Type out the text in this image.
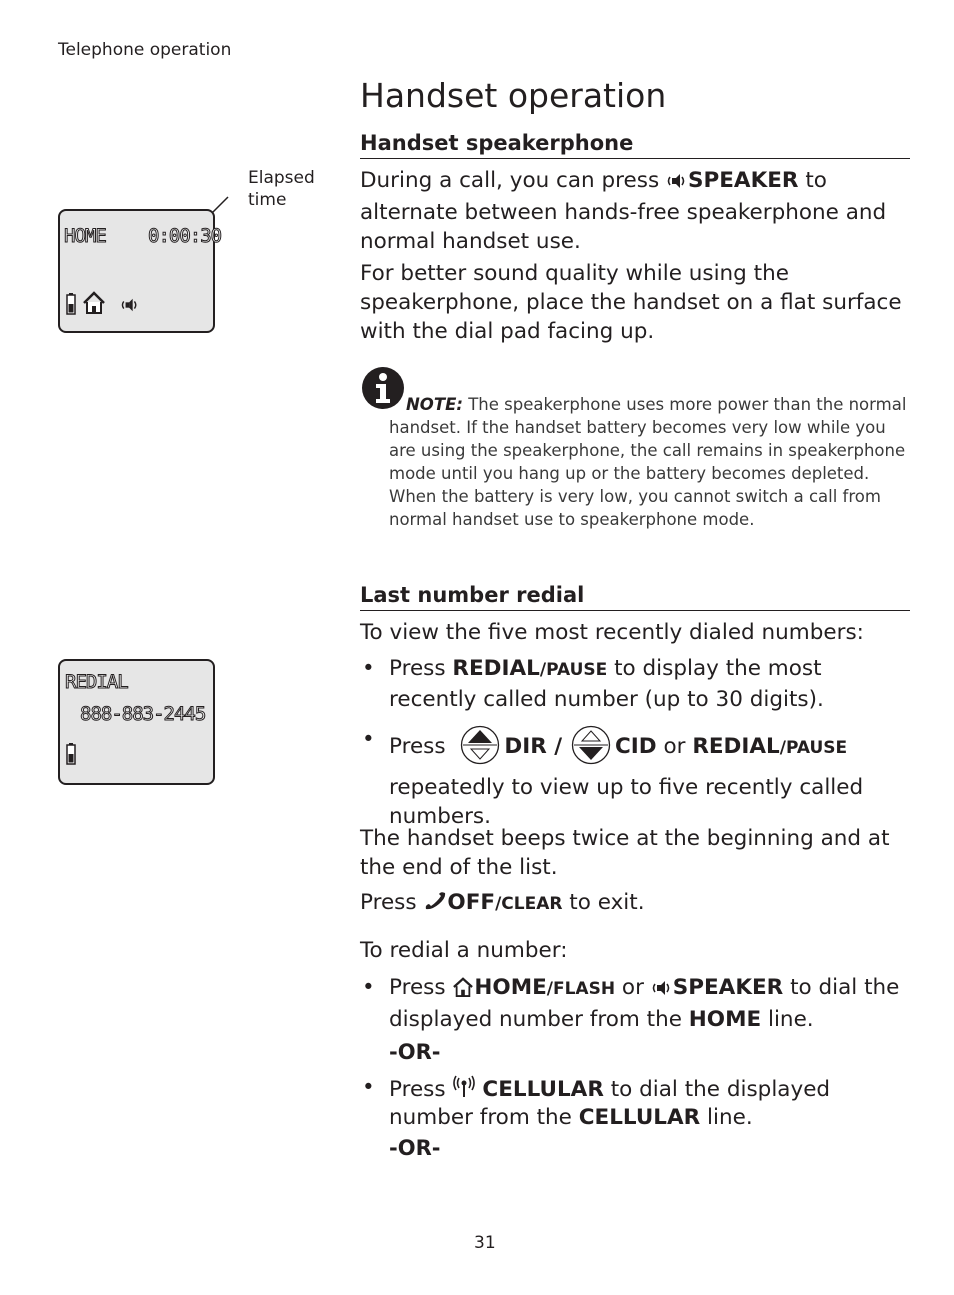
Telephone operation
Handset operation
Handset speakerphone

During a call, you can press SPEAKER to alternate between hands-free speakerphone and normal handset use.

For better sound quality while using the speakerphone, place the handset on a flat surface with the dial pad facing up.

NOTE: The speakerphone uses more power than the normal handset. If the handset battery becomes very low while you are using the speakerphone, the call remains in speakerphone mode until you hang up or the battery becomes depleted. When the battery is very low, you cannot switch a call from normal handset use to speakerphone mode.

Elapsed time
HOME 0:00:30
Last number redial

To view the five most recently dialed numbers:

REDIAL
888-883-2445
• Press REDIAL/PAUSE to display the most recently called number (up to 30 digits).
• Press DIR / CID or REDIAL/PAUSE
repeatedly to view up to five recently called numbers.

The handset beeps twice at the beginning and at the end of the list.

Press OFF/CLEAR to exit.

To redial a number:

• Press HOME/FLASH or SPEAKER to dial the displayed number from the HOME line.
-OR-
• Press CELLULAR to dial the displayed number from the CELLULAR line.
-OR-
31
